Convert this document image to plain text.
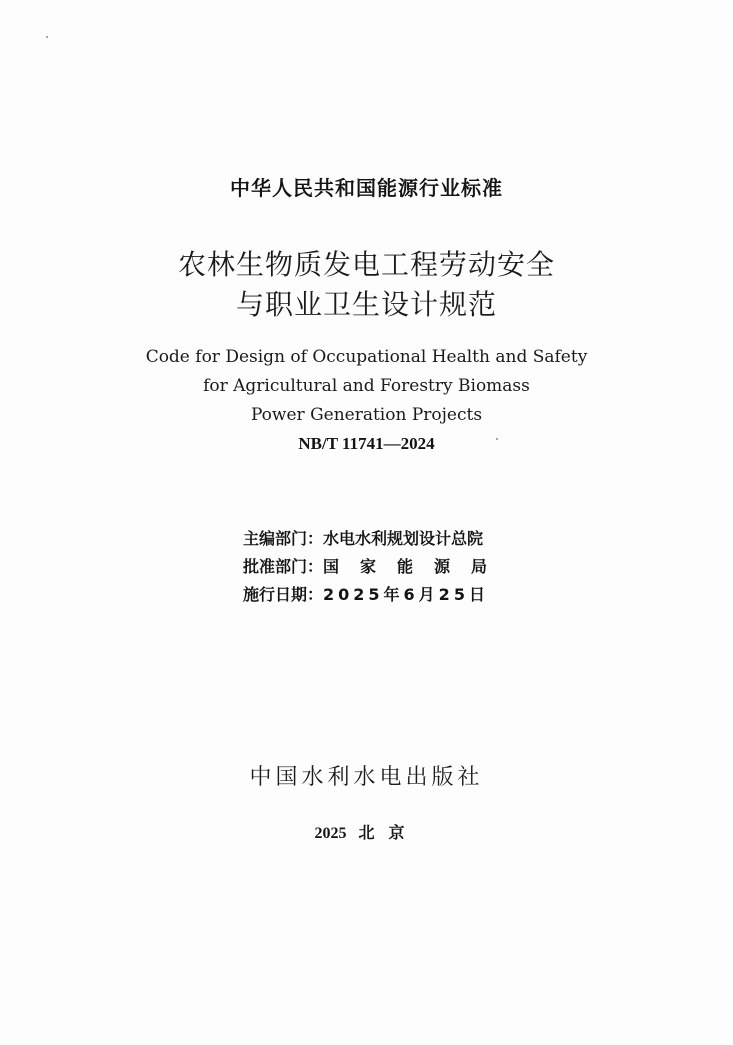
中华人民共和国能源行业标准
农林生物质发电工程劳动安全
与职业卫生设计规范
Code for Design of Occupational Health and Safety
for Agricultural and Forestry Biomass
Power Generation Projects
NB/T 11741—2024
主编部门：水电水利规划设计总院
批准部门：国家能源局
施行日期：2025年6月25日
中国水利水电出版社
2025 北京
